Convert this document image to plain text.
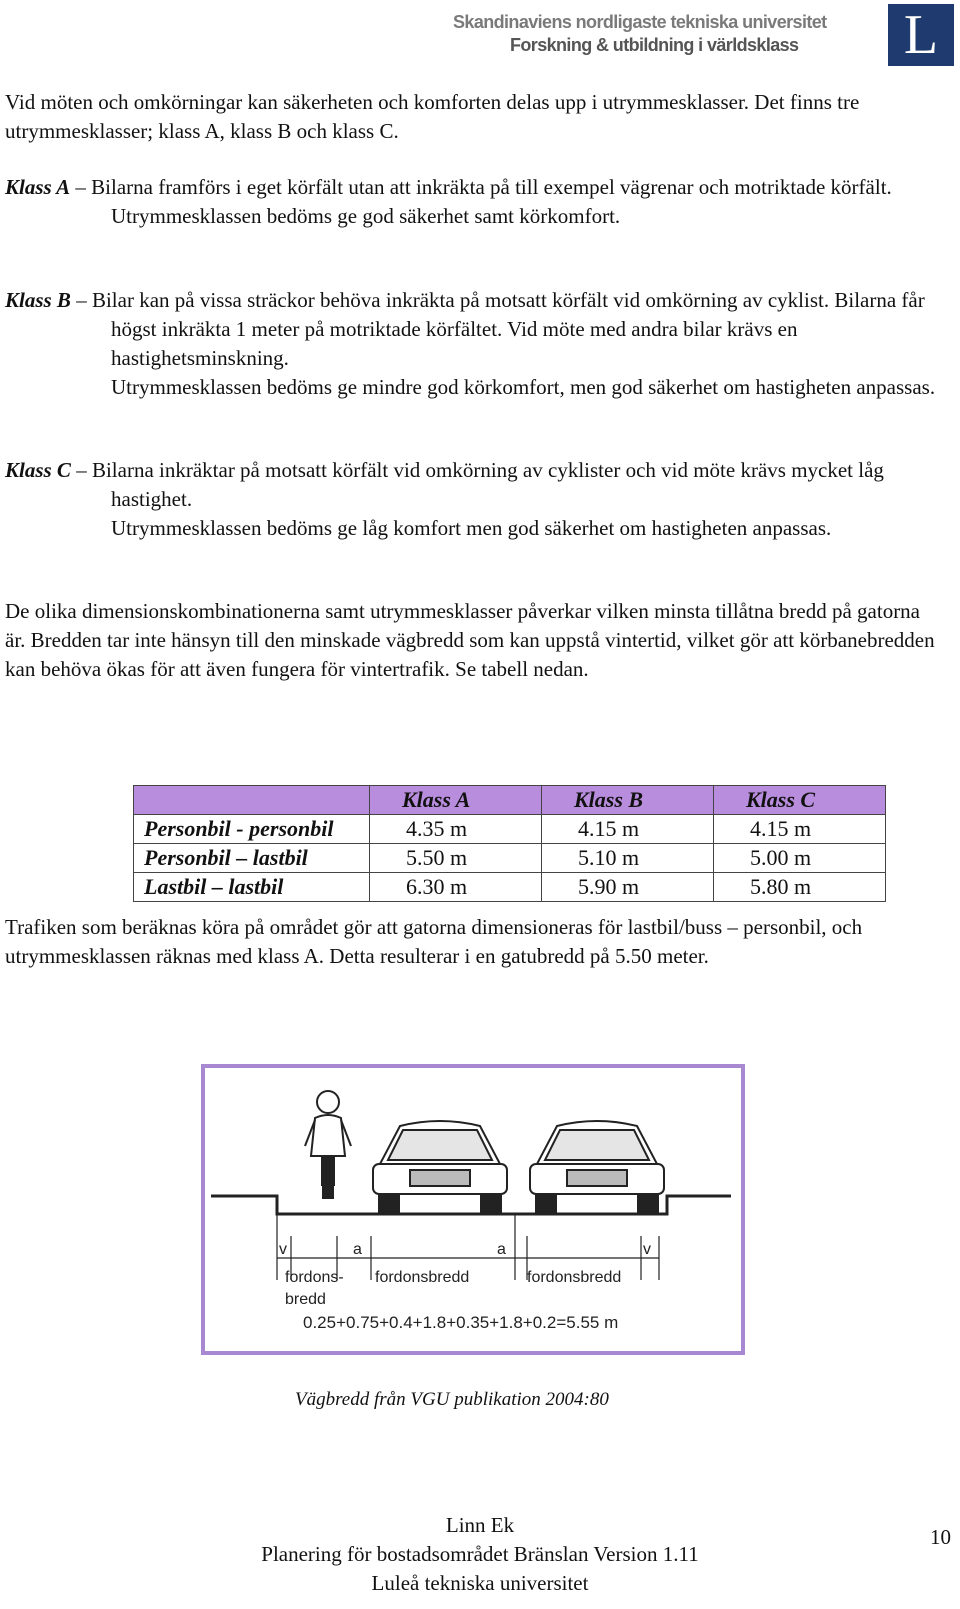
Skandinaviens nordligaste tekniska universitet
Forskning & utbildning i världsklass L

Vid möten och omkörningar kan säkerheten och komforten delas upp i utrymmesklasser. Det finns tre utrymmesklasser; klass A, klass B och klass C.

Klass A – Bilarna framförs i eget körfält utan att inkräkta på till exempel vägrenar och motriktade körfält.
Utrymmesklassen bedöms ge god säkerhet samt körkomfort.

Klass B – Bilar kan på vissa sträckor behöva inkräkta på motsatt körfält vid omkörning av cyklist. Bilarna får högst inkräkta 1 meter på motriktade körfältet. Vid möte med andra bilar krävs en hastighetsminskning.
Utrymmesklassen bedöms ge mindre god körkomfort, men god säkerhet om hastigheten anpassas.

Klass C – Bilarna inkräktar på motsatt körfält vid omkörning av cyklister och vid möte krävs mycket låg hastighet.
Utrymmesklassen bedöms ge låg komfort men god säkerhet om hastigheten anpassas.

De olika dimensionskombinationerna samt utrymmesklasser påverkar vilken minsta tillåtna bredd på gatorna är. Bredden tar inte hänsyn till den minskade vägbredd som kan uppstå vintertid, vilket gör att körbanebredden kan behöva ökas för att även fungera för vintertrafik. Se tabell nedan.

	Klass A	Klass B	Klass C
Personbil - personbil	4.35 m	4.15 m	4.15 m
Personbil – lastbil	5.50 m	5.10 m	5.00 m
Lastbil – lastbil	6.30 m	5.90 m	5.80 m

Trafiken som beräknas köra på området gör att gatorna dimensioneras för lastbil/buss – personbil, och utrymmesklassen räknas med klass A. Detta resulterar i en gatubredd på 5.50 meter.

v	a	a	v
fordons-
bredd
fordonsbredd	fordonsbredd
0.25+0.75+0.4+1.8+0.35+1.8+0.2=5.55 m
Vägbredd från VGU publikation 2004:80
Linn Ek
Planering för bostadsområdet Bränslan Version 1.11
Luleå tekniska universitet
10
